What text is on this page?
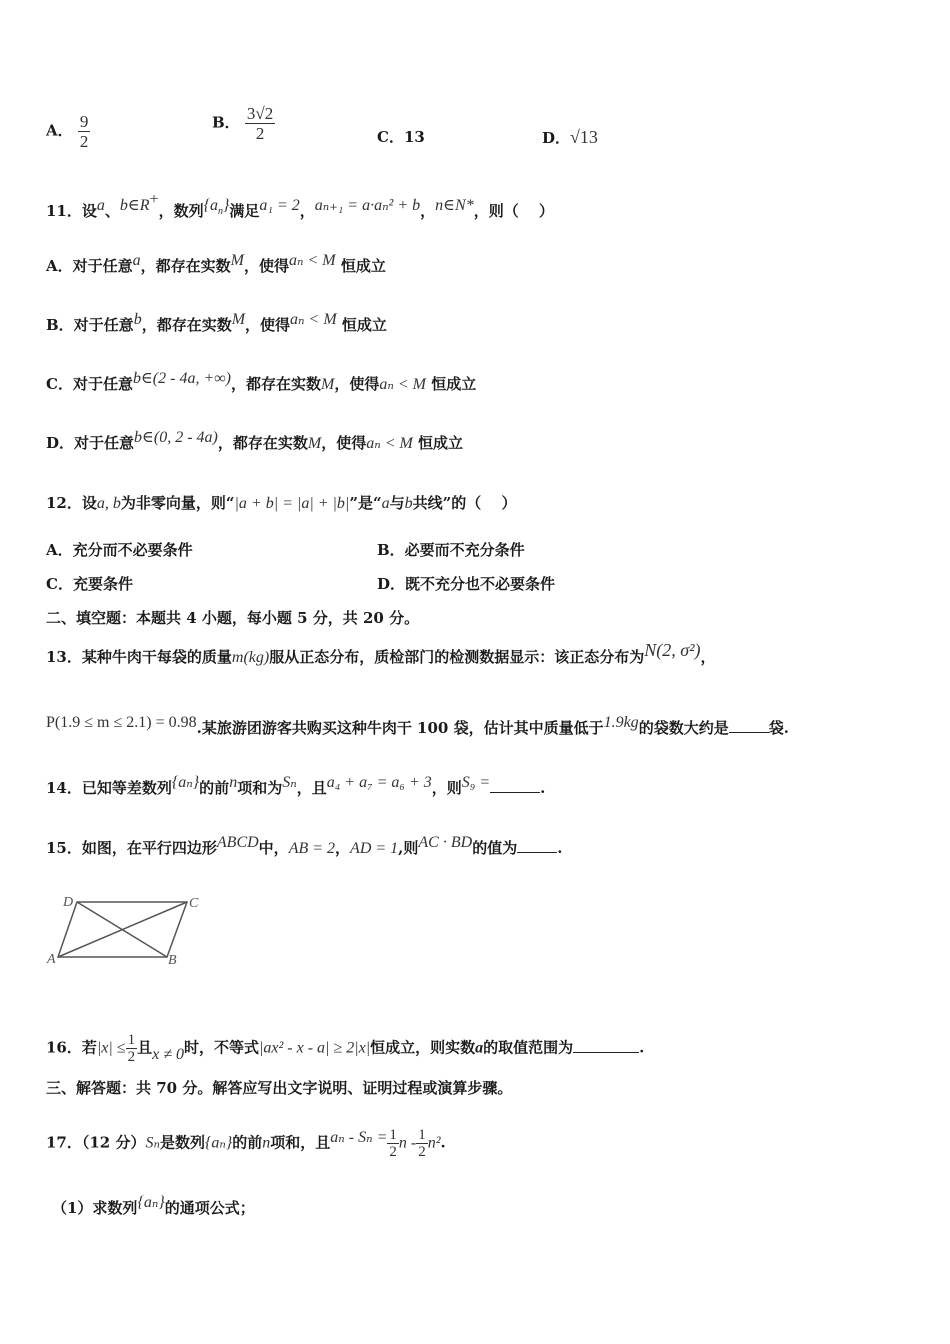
A． $\frac{9}{2}$	B． $\frac{3√2}{2}$	C．13	D．√13
11．设a、b∈R+，数列$\{a_n\}$满足a₁ = 2，aₙ₊₁ = a·aₙ² + b，n∈N*，则（　 ）
A．对于任意a，都存在实数M，使得aₙ < M 恒成立
B．对于任意b，都存在实数M，使得aₙ < M 恒成立
C．对于任意b∈(2 - 4a, +∞)，都存在实数M，使得aₙ < M 恒成立
D．对于任意b∈(0, 2 - 4a)，都存在实数M，使得aₙ < M 恒成立
12．设a, b为非零向量，则“|a + b| = |a| + |b|”是“a与b共线”的（　 ）
A．充分而不必要条件	B．必要而不充分条件
C．充要条件	D．既不充分也不必要条件
二、填空题：本题共 4 小题，每小题 5 分，共 20 分。
13．某种牛肉干每袋的质量m(kg)服从正态分布，质检部门的检测数据显示：该正态分布为N(2, σ²)，
P(1.9 ≤ m ≤ 2.1) = 0.98.某旅游团游客共购买这种牛肉干 100 袋，估计其中质量低于1.9kg的袋数大约是	袋.
14．已知等差数列{aₙ}的前n项和为Sₙ，且a₄ + a₇ = a₆ + 3，则S₉ =	.
15．如图，在平行四边形ABCD中，AB = 2，AD = 1,则AC · BD的值为	.
D	C
A	B
16．若$|x| \le \frac{1}{2}$ 且x ≠ 0时，不等式|ax² - x - a| ≥ 2|x|恒成立，则实数a的取值范围为	.
三、解答题：共 70 分。解答应写出文字说明、证明过程或演算步骤。
17．（12 分）Sₙ是数列{aₙ}的前n项和，且$a_n - S_n = \frac{1}{2}$ n - $\frac{1}{2} n^2$.
（1）求数列{aₙ}的通项公式；
